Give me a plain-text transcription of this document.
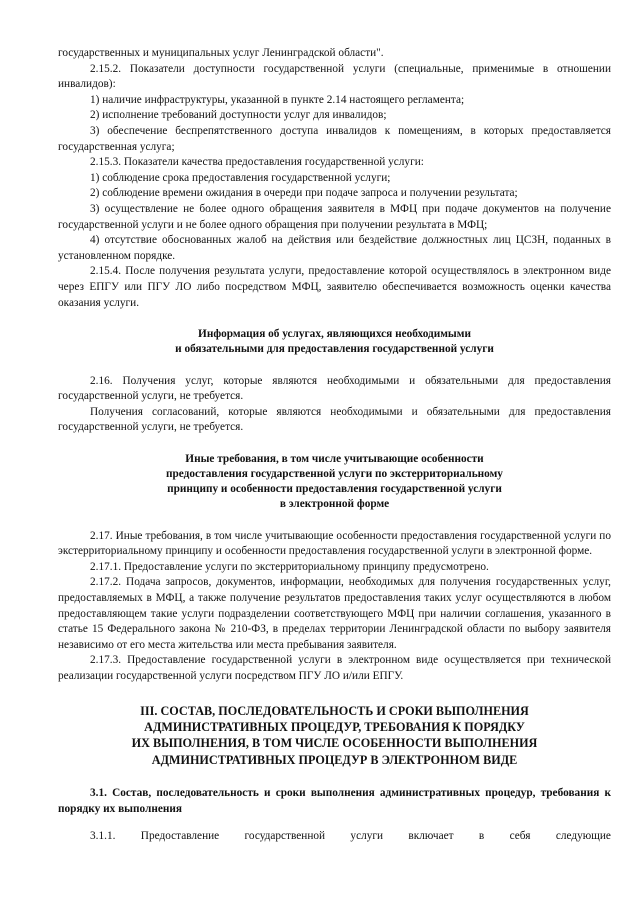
государственных и муниципальных услуг Ленинградской области".

2.15.2. Показатели доступности государственной услуги (специальные, применимые в отношении инвалидов):

1) наличие инфраструктуры, указанной в пункте 2.14 настоящего регламента;

2) исполнение требований доступности услуг для инвалидов;

3) обеспечение беспрепятственного доступа инвалидов к помещениям, в которых предоставляется государственная услуга;

2.15.3. Показатели качества предоставления государственной услуги:

1) соблюдение срока предоставления государственной услуги;

2) соблюдение времени ожидания в очереди при подаче запроса и получении результата;

3) осуществление не более одного обращения заявителя в МФЦ при подаче документов на получение государственной услуги и не более одного обращения при получении результата в МФЦ;

4) отсутствие обоснованных жалоб на действия или бездействие должностных лиц ЦСЗН, поданных в установленном порядке.

2.15.4. После получения результата услуги, предоставление которой осуществлялось в электронном виде через ЕПГУ или ПГУ ЛО либо посредством МФЦ, заявителю обеспечивается возможность оценки качества оказания услуги.

Информация об услугах, являющихся необходимыми

и обязательными для предоставления государственной услуги

2.16. Получения услуг, которые являются необходимыми и обязательными для предоставления государственной услуги, не требуется.

Получения согласований, которые являются необходимыми и обязательными для предоставления государственной услуги, не требуется.

Иные требования, в том числе учитывающие особенности

предоставления государственной услуги по экстерриториальному

принципу и особенности предоставления государственной услуги

в электронной форме

2.17. Иные требования, в том числе учитывающие особенности предоставления государственной услуги по экстерриториальному принципу и особенности предоставления государственной услуги в электронной форме.

2.17.1. Предоставление услуги по экстерриториальному принципу предусмотрено.

2.17.2. Подача запросов, документов, информации, необходимых для получения государственных услуг, предоставляемых в МФЦ, а также получение результатов предоставления таких услуг осуществляются в любом предоставляющем такие услуги подразделении соответствующего МФЦ при наличии соглашения, указанного в статье 15 Федерального закона № 210-ФЗ, в пределах территории Ленинградской области по выбору заявителя независимо от его места жительства или места пребывания заявителя.

2.17.3. Предоставление государственной услуги в электронном виде осуществляется при технической реализации государственной услуги посредством ПГУ ЛО и/или ЕПГУ.

III. СОСТАВ, ПОСЛЕДОВАТЕЛЬНОСТЬ И СРОКИ ВЫПОЛНЕНИЯ

АДМИНИСТРАТИВНЫХ ПРОЦЕДУР, ТРЕБОВАНИЯ К ПОРЯДКУ

ИХ ВЫПОЛНЕНИЯ, В ТОМ ЧИСЛЕ ОСОБЕННОСТИ ВЫПОЛНЕНИЯ

АДМИНИСТРАТИВНЫХ ПРОЦЕДУР В ЭЛЕКТРОННОМ ВИДЕ

3.1. Состав, последовательность и сроки выполнения административных процедур, требования к порядку их выполнения

3.1.1. Предоставление государственной услуги включает в себя следующие
